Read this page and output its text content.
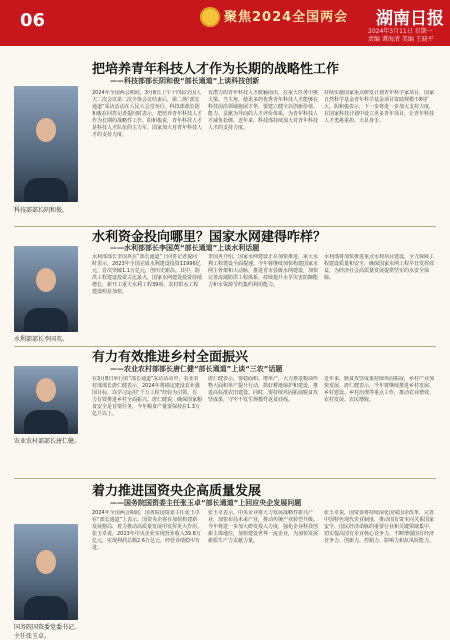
06	聚焦2024全国两会 湖南日报
2024年3月11日 星期一
责编 谭海清 美编 王晓平
把培养青年科技人才作为长期的战略性工作
——科技部部长阴和俊“部长通道”上谈科技创新
科技部部长阴和俊。
2024年全国两会期间，3月8日上午十四届全国人大二次会议第二次全体会议结束后，第二场“部长通道”采访活动在人民大会堂举行。科技部部长阴和俊在回答记者提问时表示，把培养青年科技人才作为长期的战略性工作。阴和俊说，青年科技人才是科技人才队伍的主力军，国家加大对青年科技人才的支持力度。
有潜力的青年科技人才脱颖而出，在重大任务中挑大梁、当主角，使更多的优秀青年科技人才能够在科技前沿领域施展才华。要建立健全以创新价值、能力、贡献为导向的人才评价体系，为青年科技人才减负松绑。近年来，科技部持续加大对青年科技人才的支持力度。
持续实施国家重点研发计划青年科学家项目，国家自然科学基金青年科学基金项目资助规模不断扩大。阴和俊表示，下一步将进一步加大支持力度，在国家科技计划中设立更多青年项目，让青年科技人才勇挑重担、大显身手。
水利资金投向哪里？国家水网建得咋样？
——水利部部长李国英“部长通道”上谈水利话题
水利部部长李国英。
水利部部长李国英在“部长通道”上回答记者提问时表示，2023年全国完成水利建设投资11996亿元，首次突破1.1万亿元，创历史新高。其中，防洪工程建设投资占比最大，国家水网建设投资持续增长，新开工重大水利工程39项，农村供水工程建设明显加快。
李国英介绍，国家水网建设正在加快推进，重大水利工程建设全面提速。今年将继续加快构建国家水网主骨架和大动脉，推进省市县级水网建设，加快完善流域防洪工程体系，持续提升水旱灾害防御能力和水资源节约集约利用能力。
水利部将加快推进重点水利项目建设，全力保障工程建设质量和安全，确保国家水网工程早日发挥效益，为经济社会高质量发展提供坚实的水安全保障。
有力有效推进乡村全面振兴
——农业农村部部长唐仁健“部长通道”上谈“三农”话题
农业农村部部长唐仁健。
在3月8日举行的“部长通道”采访活动中，农业农村部部长唐仁健表示，2024年将锚定建设农业强国目标，以学习运用“千万工程”经验为引领，有力有效推进乡村全面振兴。唐仁健说，确保国家粮食安全是首要任务，今年粮食产量要保持在1.3万亿斤以上。
唐仁健表示，要稳面积、增单产，大力推进粮油作物大面积单产提升行动，抓好耕地保护和建设，推进高标准农田建设。同时，要持续巩固拓展脱贫攻坚成果，守牢不发生规模性返贫底线。
近年来，脱贫攻坚成果持续巩固拓展，乡村产业加快发展。唐仁健表示，今年将继续推进乡村发展、乡村建设、乡村治理等重点工作，推动农业增效、农村发展、农民增收。
着力推进国资央企高质量发展
——国务院国资委主任张玉卓“部长通道”上回应央企发展问题
国务院国资委党委书记、主任张玉卓。
2024年全国两会期间，国务院国资委主任张玉卓在“部长通道”上表示，国资央企将在加快构建新发展格局、着力推动高质量发展中发挥更大作用。张玉卓说，2023年中央企业实现营业收入39.8万亿元，实现利润总额2.6万亿元，经营业绩稳中有进。
张玉卓表示，中央企业将大力发展战略性新兴产业，加快布局未来产业，推动传统产业转型升级。今年将进一步加大研发投入力度，强化企业科技创新主体地位，加快建设世界一流企业，为加快发展新质生产力贡献力量。
张玉卓说，国资委将持续深化国资国企改革，完善中国特色现代企业制度，推动国有资本向关系国家安全、国民经济命脉的重要行业和关键领域集中，切实提高国有企业核心竞争力，不断增强国有经济竞争力、创新力、控制力、影响力和抗风险能力。
